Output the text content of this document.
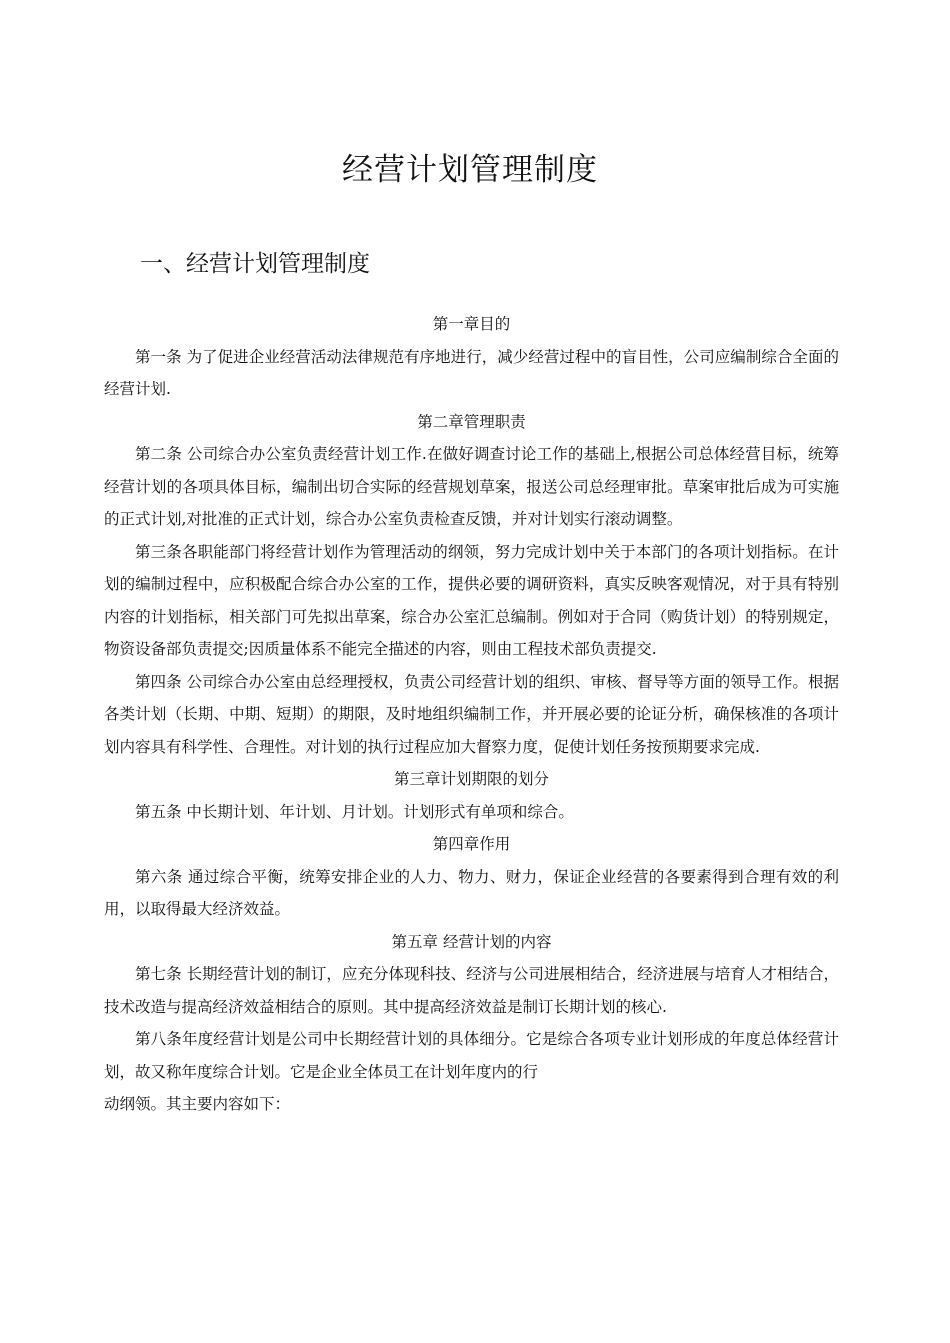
经营计划管理制度
一、经营计划管理制度

第一章目的

第一条 为了促进企业经营活动法律规范有序地进行，减少经营过程中的盲目性，公司应编制综合全面的经营计划.

第二章管理职责

第二条 公司综合办公室负责经营计划工作.在做好调查讨论工作的基础上,根据公司总体经营目标，统筹经营计划的各项具体目标，编制出切合实际的经营规划草案，报送公司总经理审批。草案审批后成为可实施的正式计划,对批准的正式计划，综合办公室负责检查反馈，并对计划实行滚动调整。

第三条各职能部门将经营计划作为管理活动的纲领，努力完成计划中关于本部门的各项计划指标。在计划的编制过程中，应积极配合综合办公室的工作，提供必要的调研资料，真实反映客观情况，对于具有特别内容的计划指标，相关部门可先拟出草案，综合办公室汇总编制。例如对于合同（购货计划）的特别规定，物资设备部负责提交;因质量体系不能完全描述的内容，则由工程技术部负责提交.

第四条 公司综合办公室由总经理授权，负责公司经营计划的组织、审核、督导等方面的领导工作。根据各类计划（长期、中期、短期）的期限，及时地组织编制工作，并开展必要的论证分析，确保核准的各项计划内容具有科学性、合理性。对计划的执行过程应加大督察力度，促使计划任务按预期要求完成.

第三章计划期限的划分

第五条 中长期计划、年计划、月计划。计划形式有单项和综合。

第四章作用

第六条 通过综合平衡，统筹安排企业的人力、物力、财力，保证企业经营的各要素得到合理有效的利用，以取得最大经济效益。

第五章 经营计划的内容

第七条 长期经营计划的制订，应充分体现科技、经济与公司进展相结合，经济进展与培育人才相结合，技术改造与提高经济效益相结合的原则。其中提高经济效益是制订长期计划的核心.

第八条年度经营计划是公司中长期经营计划的具体细分。它是综合各项专业计划形成的年度总体经营计划，故又称年度综合计划。它是企业全体员工在计划年度内的行

动纲领。其主要内容如下：
